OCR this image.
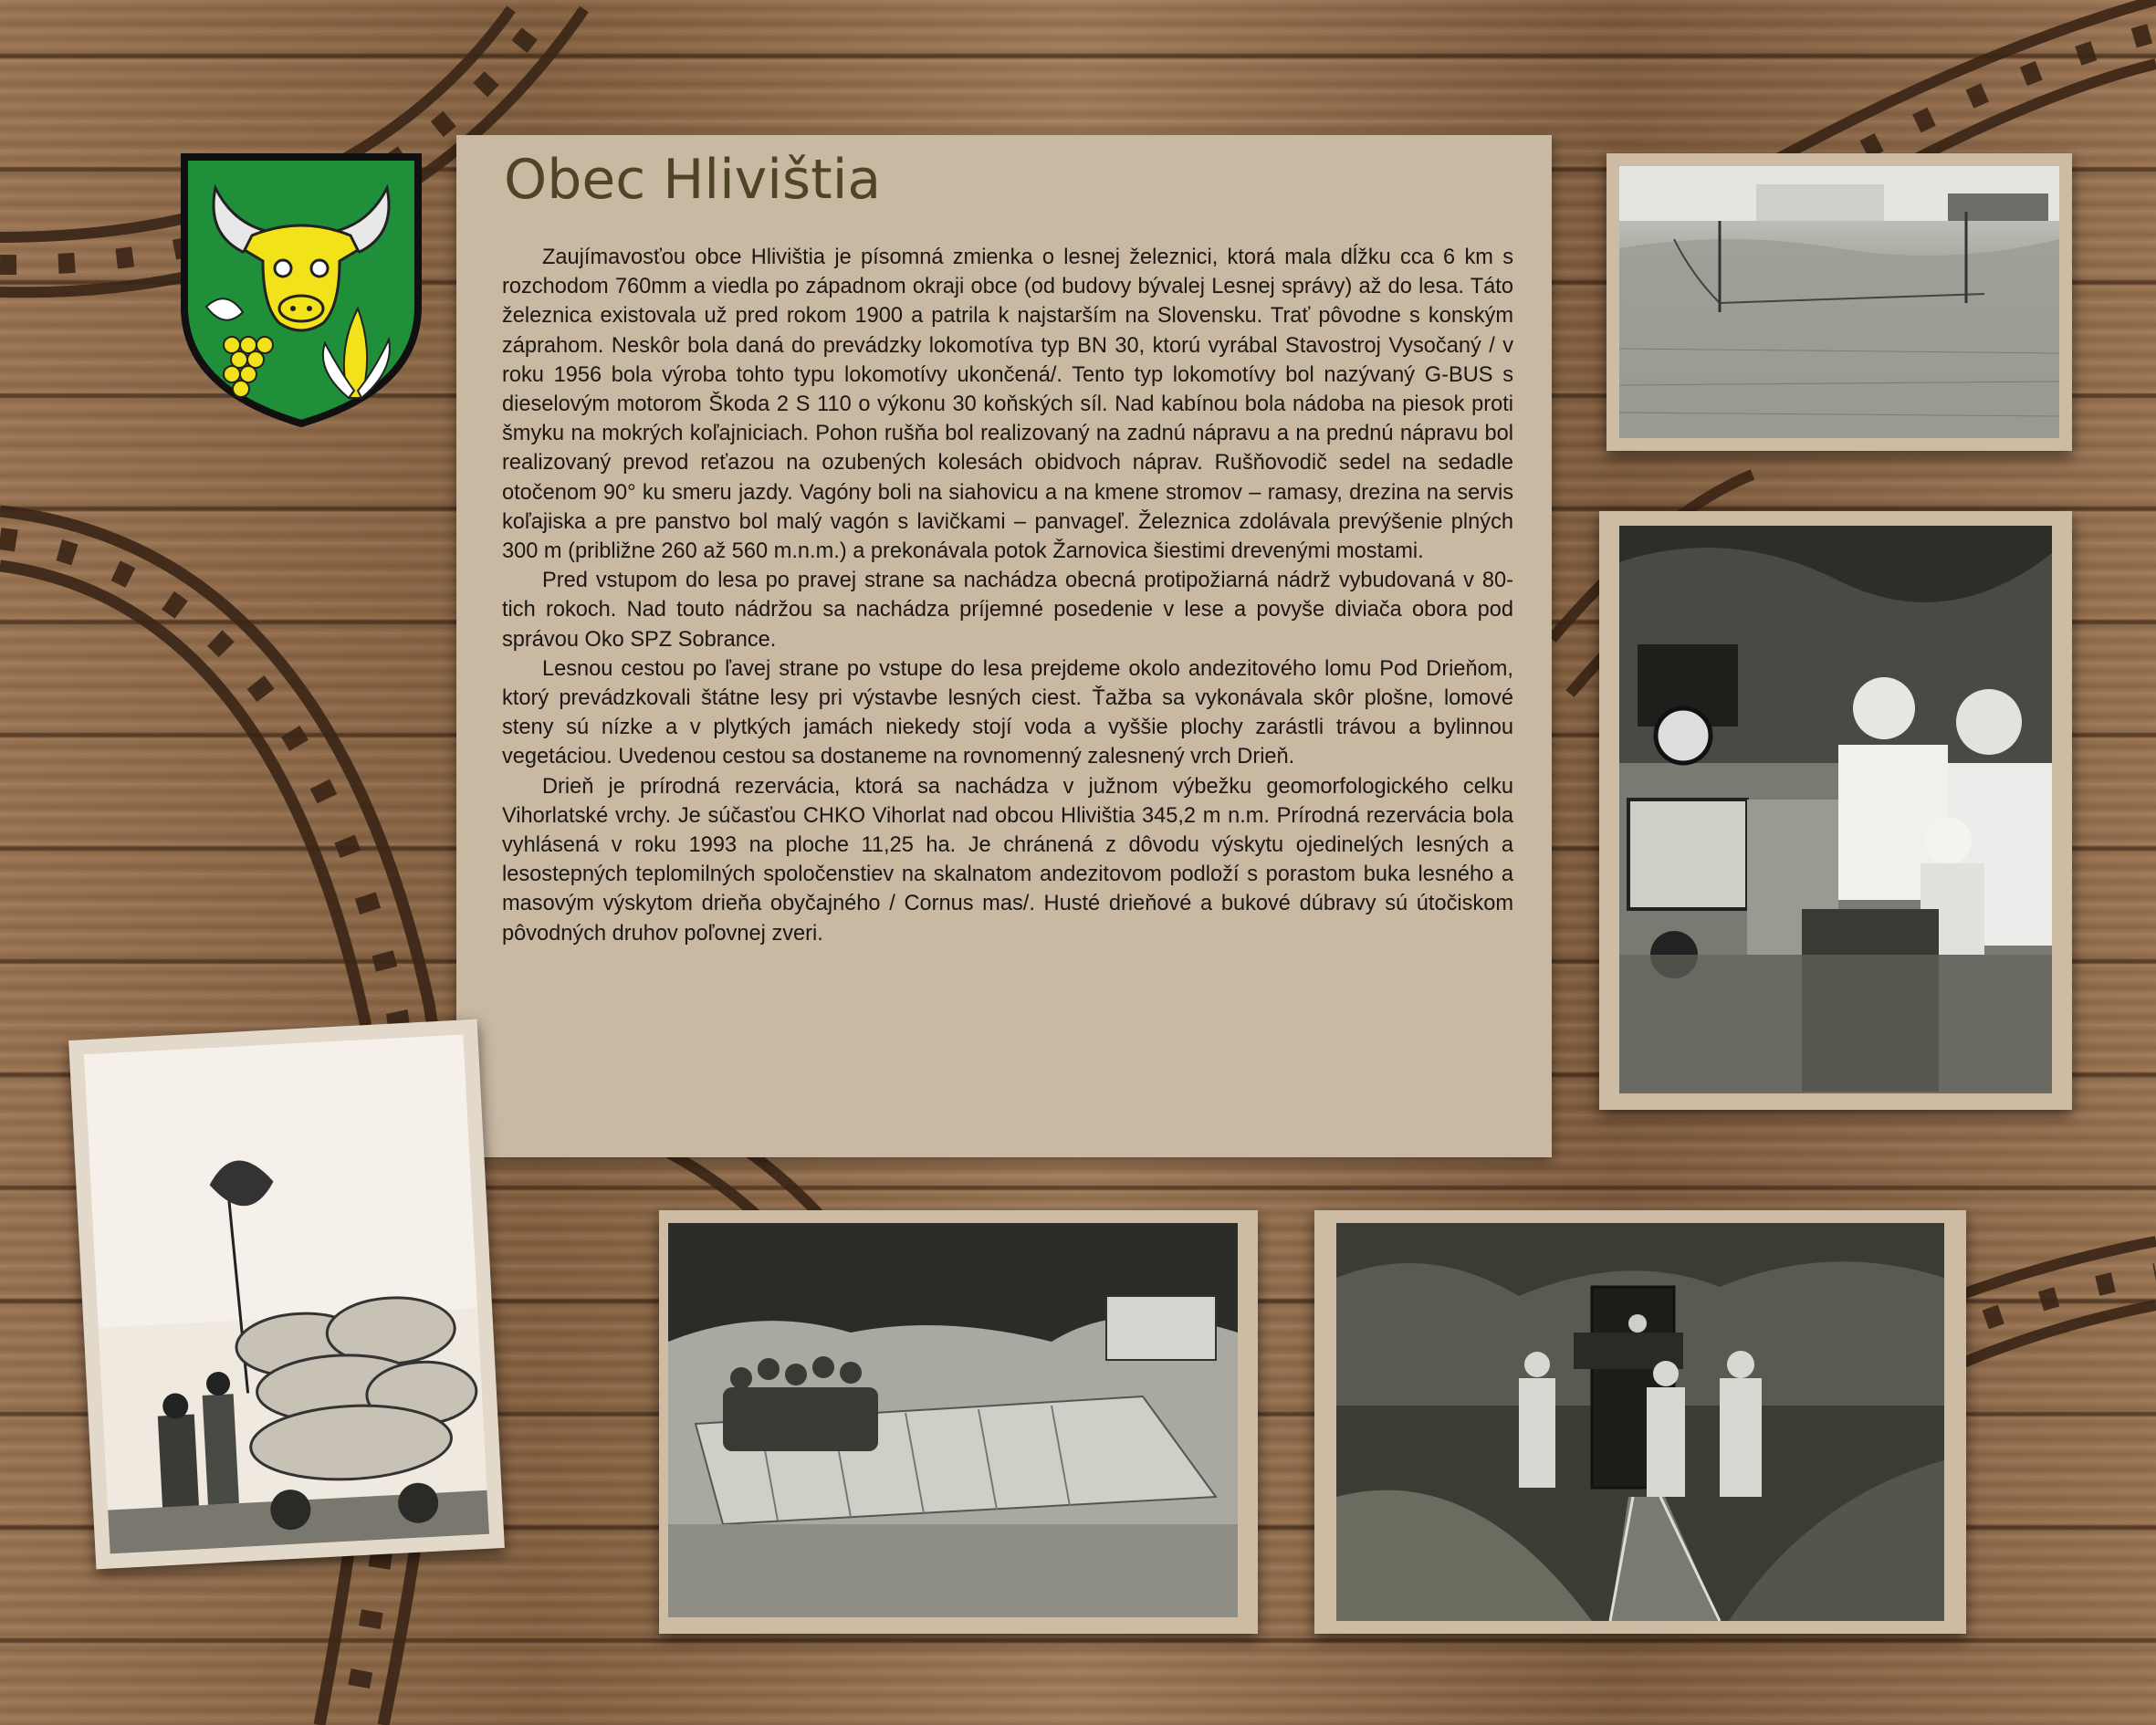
Obec Hlivištia

Zaujímavosťou obce Hlivištia je písomná zmienka o lesnej železnici, ktorá mala dĺžku cca 6 km s rozchodom 760mm a viedla po západnom okraji obce (od budovy bývalej Lesnej správy) až do lesa. Táto železnica existovala už pred rokom 1900 a patrila k najstarším na Slovensku. Trať pôvodne s konským záprahom. Neskôr bola daná do prevádzky lokomotíva typ BN 30, ktorú vyrábal Stavostroj Vysočaný / v roku 1956 bola výroba tohto typu lokomotívy ukončená/. Tento typ lokomotívy bol nazývaný G-BUS s dieselovým motorom Škoda 2 S 110 o výkonu 30 koňských síl. Nad kabínou bola nádoba na piesok proti šmyku na mokrých koľajniciach. Pohon rušňa bol realizovaný na zadnú nápravu a na prednú nápravu bol realizovaný prevod reťazou na ozubených kolesách obidvoch náprav. Rušňovodič sedel na sedadle otočenom 90° ku smeru jazdy. Vagóny boli na siahovicu a na kmene stromov – ramasy, drezina na servis koľajiska a pre panstvo bol malý vagón s lavičkami – panvageľ. Železnica zdolávala prevýšenie plných 300 m (približne 260 až 560 m.n.m.) a prekonávala potok Žarnovica šiestimi drevenými mostami.

Pred vstupom do lesa po pravej strane sa nachádza obecná protipožiarná nádrž vybudovaná v 80-tich rokoch. Nad touto nádržou sa nachádza príjemné posedenie v lese a povyše diviača obora pod správou Oko SPZ Sobrance.

Lesnou cestou po ľavej strane po vstupe do lesa prejdeme okolo andezitového lomu Pod Drieňom, ktorý prevádzkovali štátne lesy pri výstavbe lesných ciest. Ťažba sa vykonávala skôr plošne, lomové steny sú nízke a v plytkých jamách niekedy stojí voda a vyššie plochy zarástli trávou a bylinnou vegetáciou. Uvedenou cestou sa dostaneme na rovnomenný zalesnený vrch Drieň.

Drieň je prírodná rezervácia, ktorá sa nachádza v južnom výbežku geomorfologického celku Vihorlatské vrchy. Je súčasťou CHKO Vihorlat nad obcou Hlivištia 345,2 m n.m. Prírodná rezervácia bola vyhlásená v roku 1993 na ploche 11,25 ha. Je chránená z dôvodu výskytu ojedinelých lesných a lesostepných teplomilných spoločenstiev na skalnatom andezitovom podloží s porastom buka lesného a masovým výskytom drieňa obyčajného / Cornus mas/. Husté drieňové a bukové dúbravy sú útočiskom pôvodných druhov poľovnej zveri.
